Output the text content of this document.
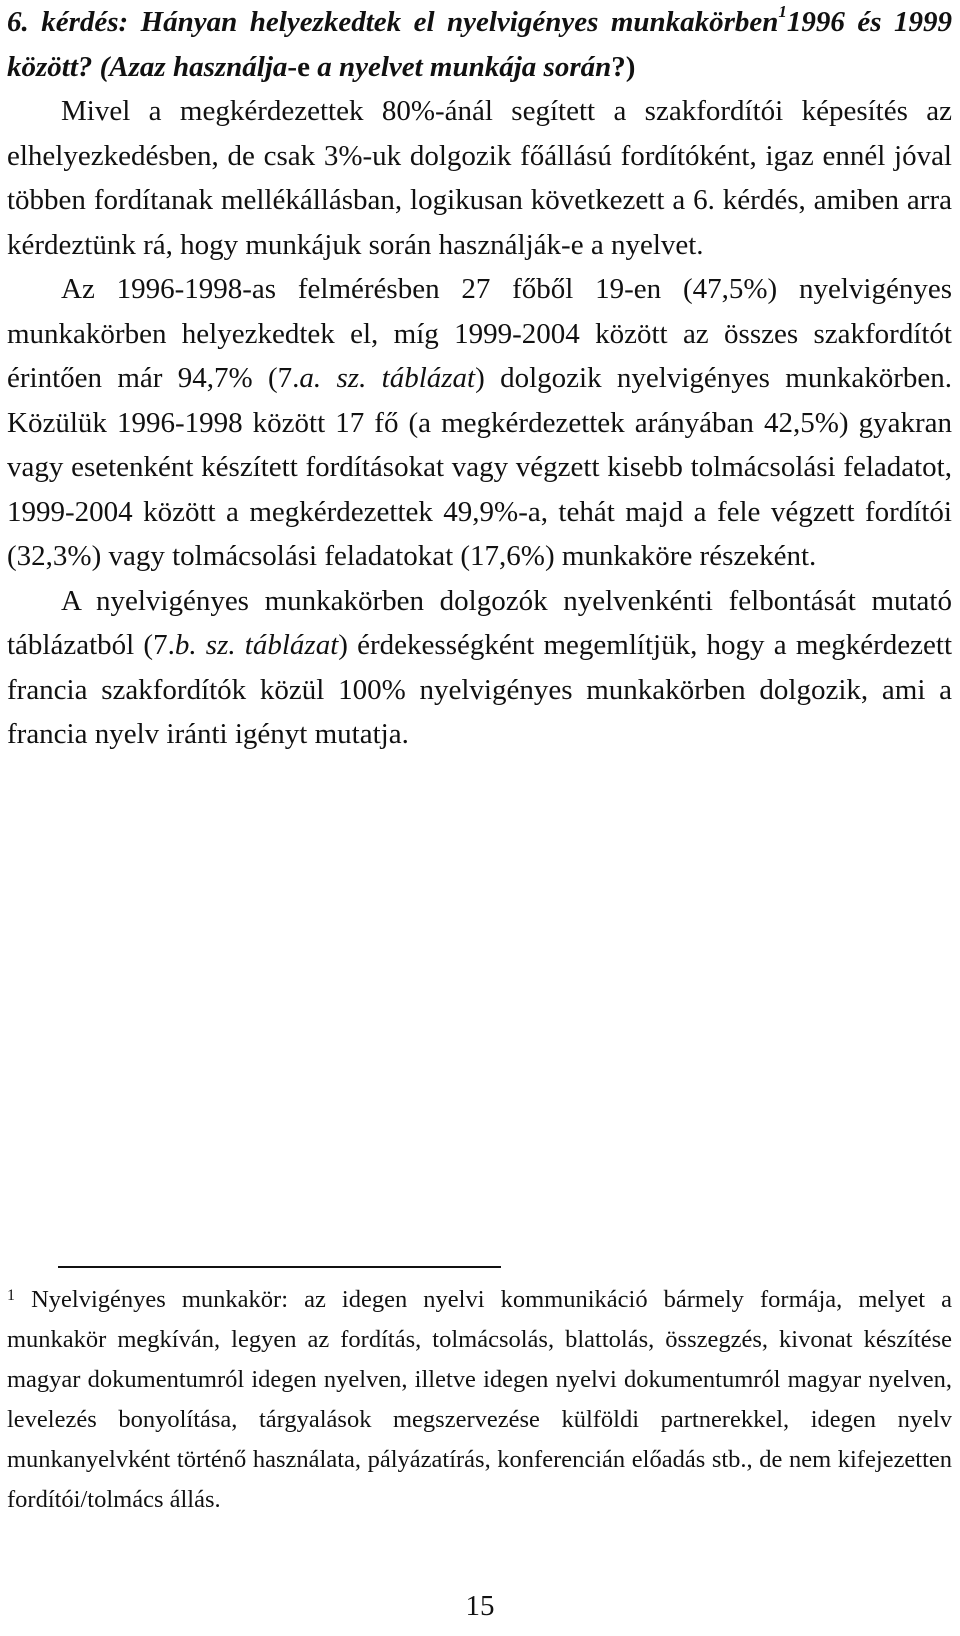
6. kérdés: Hányan helyezkedtek el nyelvigényes munkakörben$^1$1996 és 1999 között? (Azaz használja-e a nyelvet munkája során?)

Mivel a megkérdezettek 80%-ánál segített a szakfordítói képesítés az elhelyezkedésben, de csak 3%-uk dolgozik főállású fordítóként, igaz ennél jóval többen fordítanak mellékállásban, logikusan következett a 6. kérdés, amiben arra kérdeztünk rá, hogy munkájuk során használják-e a nyelvet.

Az 1996-1998-as felmérésben 27 főből 19-en (47,5%) nyelvigényes munkakörben helyezkedtek el, míg 1999-2004 között az összes szakfordítót érintően már 94,7% (7.a. sz. táblázat) dolgozik nyelvigényes munkakörben. Közülük 1996-1998 között 17 fő (a megkérdezettek arányában 42,5%) gyakran vagy esetenként készített fordításokat vagy végzett kisebb tolmácsolási feladatot, 1999-2004 között a megkérdezettek 49,9%-a, tehát majd a fele végzett fordítói (32,3%) vagy tolmácsolási feladatokat (17,6%) munkaköre részeként.

A nyelvigényes munkakörben dolgozók nyelvenkénti felbontását mutató táblázatból (7.b. sz. táblázat) érdekességként megemlítjük, hogy a megkérdezett francia szakfordítók közül 100% nyelvigényes munkakörben dolgozik, ami a francia nyelv iránti igényt mutatja.

$^1$ Nyelvigényes munkakör: az idegen nyelvi kommunikáció bármely formája, melyet a munkakör megkíván, legyen az fordítás, tolmácsolás, blattolás, összegzés, kivonat készítése magyar dokumentumról idegen nyelven, illetve idegen nyelvi dokumentumról magyar nyelven, levelezés bonyolítása, tárgyalások megszervezése külföldi partnerekkel, idegen nyelv munkanyelvként történő használata, pályázatírás, konferencián előadás stb., de nem kifejezetten fordítói/tolmács állás.
15
